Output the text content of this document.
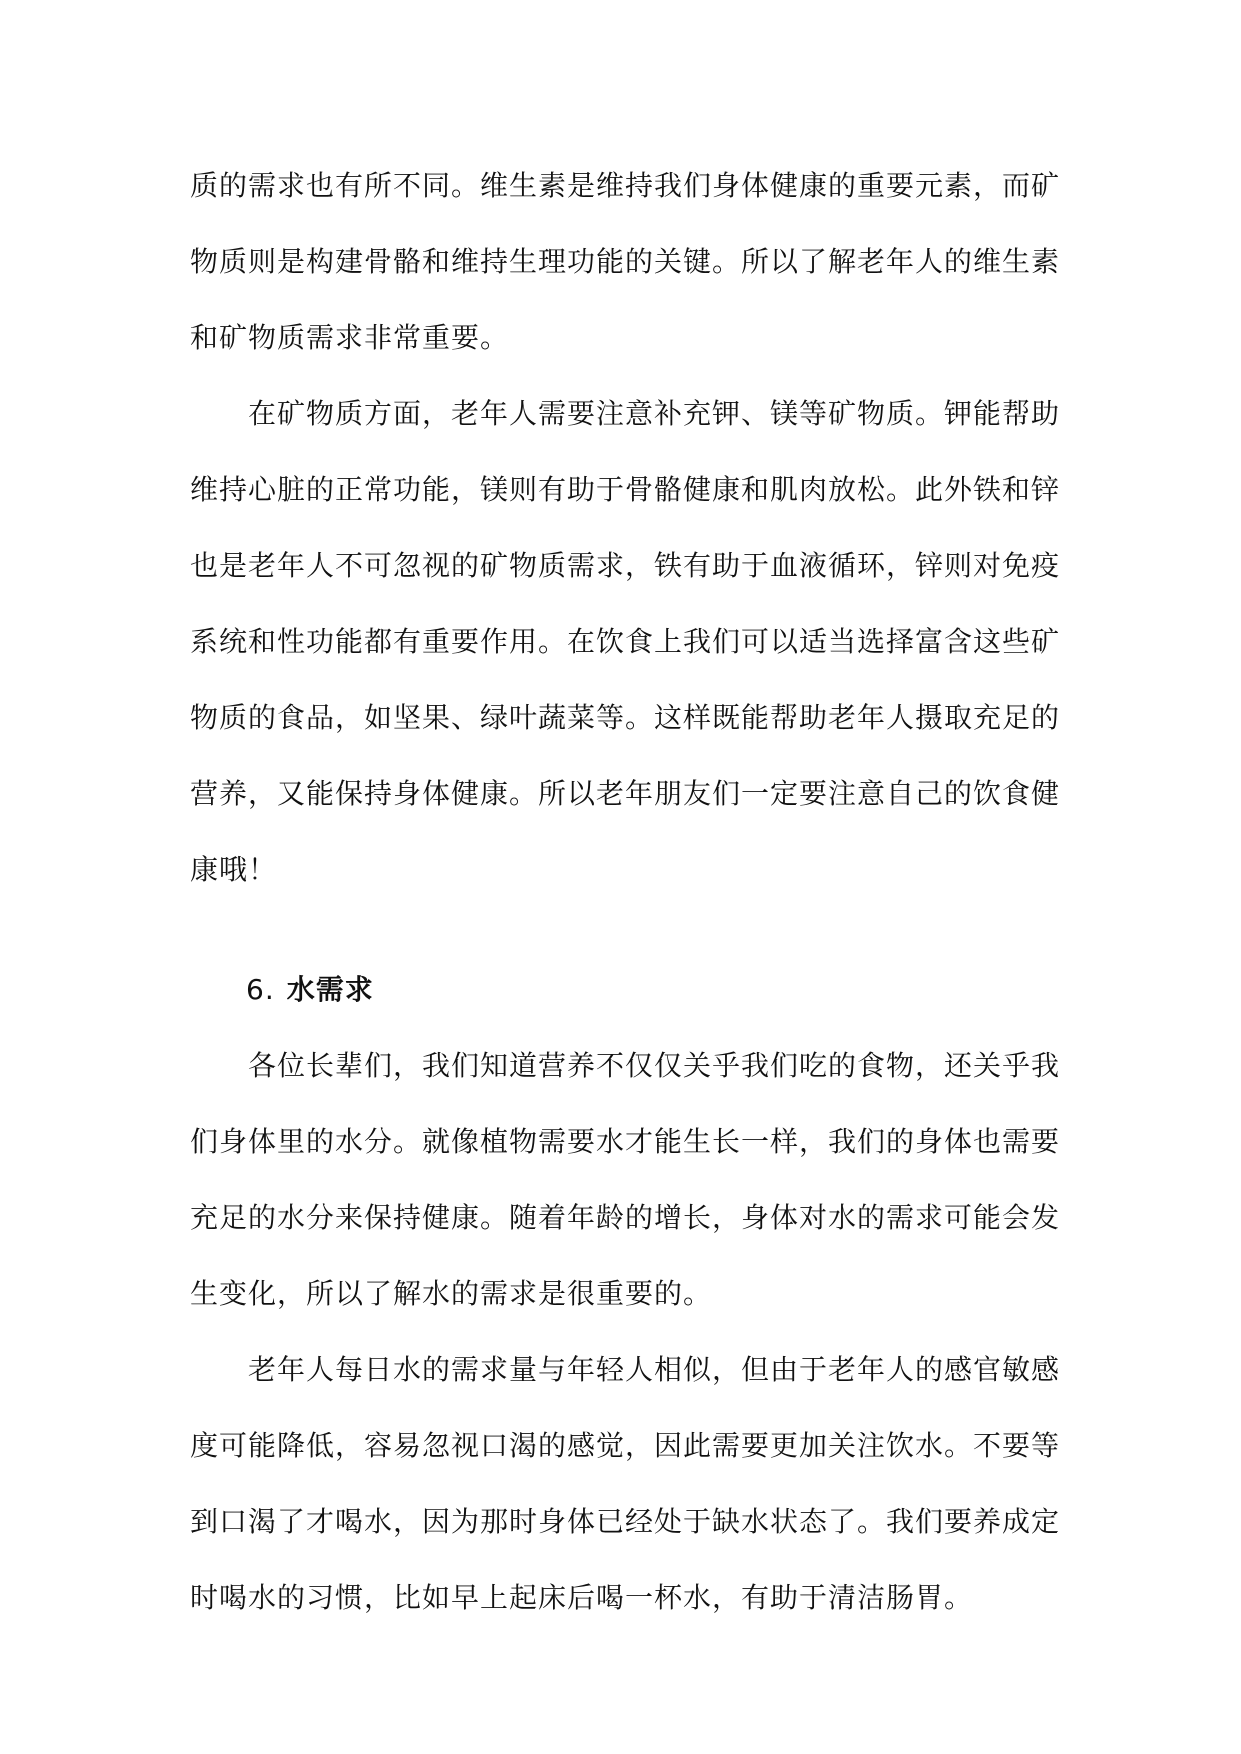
质的需求也有所不同。维生素是维持我们身体健康的重要元素，而矿物质则是构建骨骼和维持生理功能的关键。所以了解老年人的维生素和矿物质需求非常重要。

在矿物质方面，老年人需要注意补充钾、镁等矿物质。钾能帮助维持心脏的正常功能，镁则有助于骨骼健康和肌肉放松。此外铁和锌也是老年人不可忽视的矿物质需求，铁有助于血液循环，锌则对免疫系统和性功能都有重要作用。在饮食上我们可以适当选择富含这些矿物质的食品，如坚果、绿叶蔬菜等。这样既能帮助老年人摄取充足的营养，又能保持身体健康。所以老年朋友们一定要注意自己的饮食健康哦！

6. 水需求

各位长辈们，我们知道营养不仅仅关乎我们吃的食物，还关乎我们身体里的水分。就像植物需要水才能生长一样，我们的身体也需要充足的水分来保持健康。随着年龄的增长，身体对水的需求可能会发生变化，所以了解水的需求是很重要的。

老年人每日水的需求量与年轻人相似，但由于老年人的感官敏感度可能降低，容易忽视口渴的感觉，因此需要更加关注饮水。不要等到口渴了才喝水，因为那时身体已经处于缺水状态了。我们要养成定时喝水的习惯，比如早上起床后喝一杯水，有助于清洁肠胃。
